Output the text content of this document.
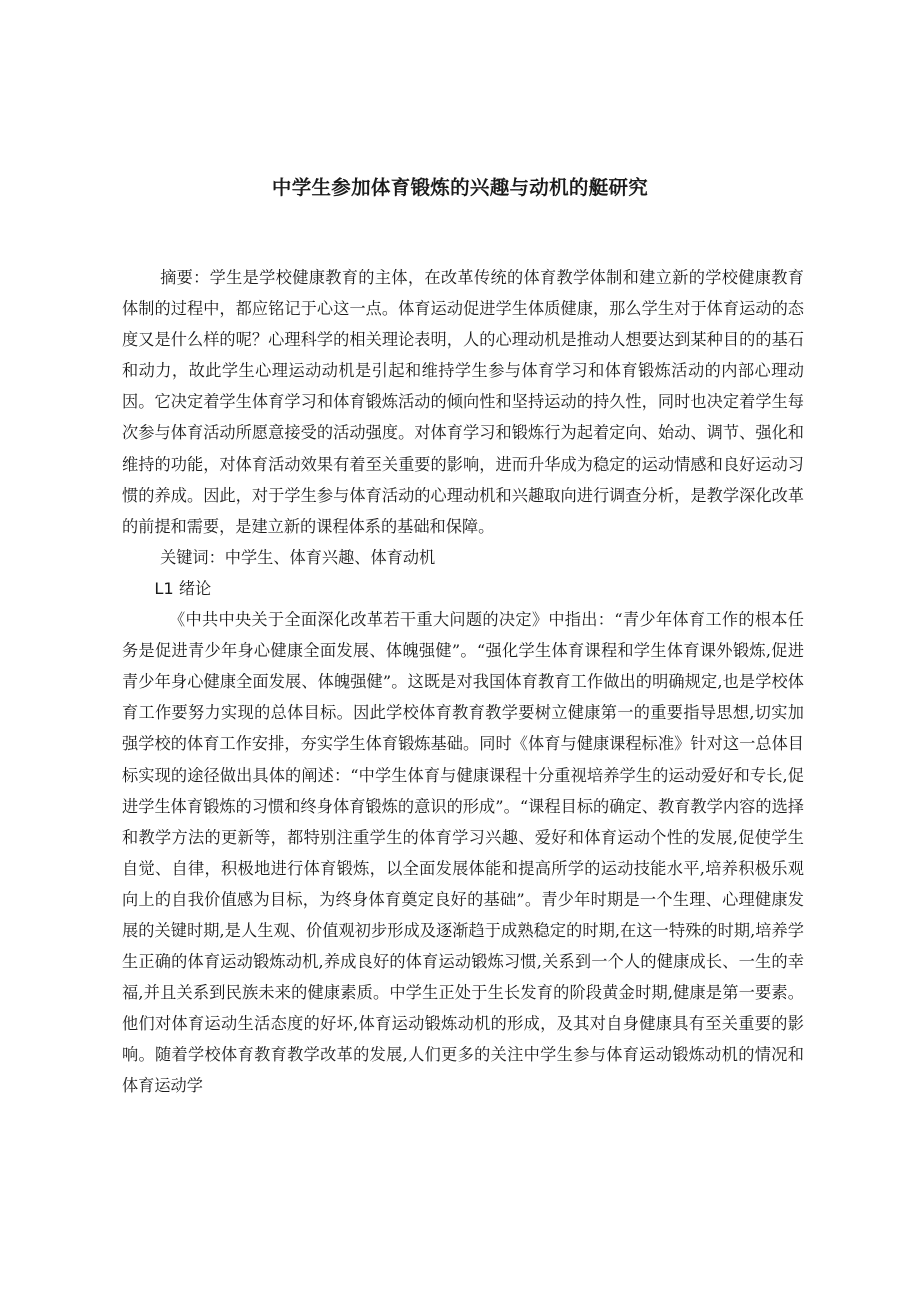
中学生参加体育锻炼的兴趣与动机的艇研究

摘要：学生是学校健康教育的主体，在改革传统的体育教学体制和建立新的学校健康教育体制的过程中，都应铭记于心这一点。体育运动促进学生体质健康，那么学生对于体育运动的态度又是什么样的呢？心理科学的相关理论表明，人的心理动机是推动人想要达到某种目的的基石和动力，故此学生心理运动动机是引起和维持学生参与体育学习和体育锻炼活动的内部心理动因。它决定着学生体育学习和体育锻炼活动的倾向性和坚持运动的持久性，同时也决定着学生每次参与体育活动所愿意接受的活动强度。对体育学习和锻炼行为起着定向、始动、调节、强化和维持的功能，对体育活动效果有着至关重要的影响，进而升华成为稳定的运动情感和良好运动习惯的养成。因此，对于学生参与体育活动的心理动机和兴趣取向进行调查分析，是教学深化改革的前提和需要，是建立新的课程体系的基础和保障。

关键词：中学生、体育兴趣、体育动机

L1 绪论

《中共中央关于全面深化改革若干重大问题的决定》中指出：“青少年体育工作的根本任务是促进青少年身心健康全面发展、体魄强健”。“强化学生体育课程和学生体育课外锻炼,促进青少年身心健康全面发展、体魄强健”。这既是对我国体育教育工作做出的明确规定,也是学校体育工作要努力实现的总体目标。因此学校体育教育教学要树立健康第一的重要指导思想,切实加强学校的体育工作安排，夯实学生体育锻炼基础。同时《体育与健康课程标准》针对这一总体目标实现的途径做出具体的阐述：“中学生体育与健康课程十分重视培养学生的运动爱好和专长,促进学生体育锻炼的习惯和终身体育锻炼的意识的形成”。“课程目标的确定、教育教学内容的选择和教学方法的更新等，都特别注重学生的体育学习兴趣、爱好和体育运动个性的发展,促使学生自觉、自律，积极地进行体育锻炼，以全面发展体能和提高所学的运动技能水平,培养积极乐观向上的自我价值感为目标，为终身体育奠定良好的基础”。青少年时期是一个生理、心理健康发展的关键时期,是人生观、价值观初步形成及逐渐趋于成熟稳定的时期,在这一特殊的时期,培养学生正确的体育运动锻炼动机,养成良好的体育运动锻炼习惯,关系到一个人的健康成长、一生的幸福,并且关系到民族未来的健康素质。中学生正处于生长发育的阶段黄金时期,健康是第一要素。他们对体育运动生活态度的好坏,体育运动锻炼动机的形成，及其对自身健康具有至关重要的影响。随着学校体育教育教学改革的发展,人们更多的关注中学生参与体育运动锻炼动机的情况和体育运动学
